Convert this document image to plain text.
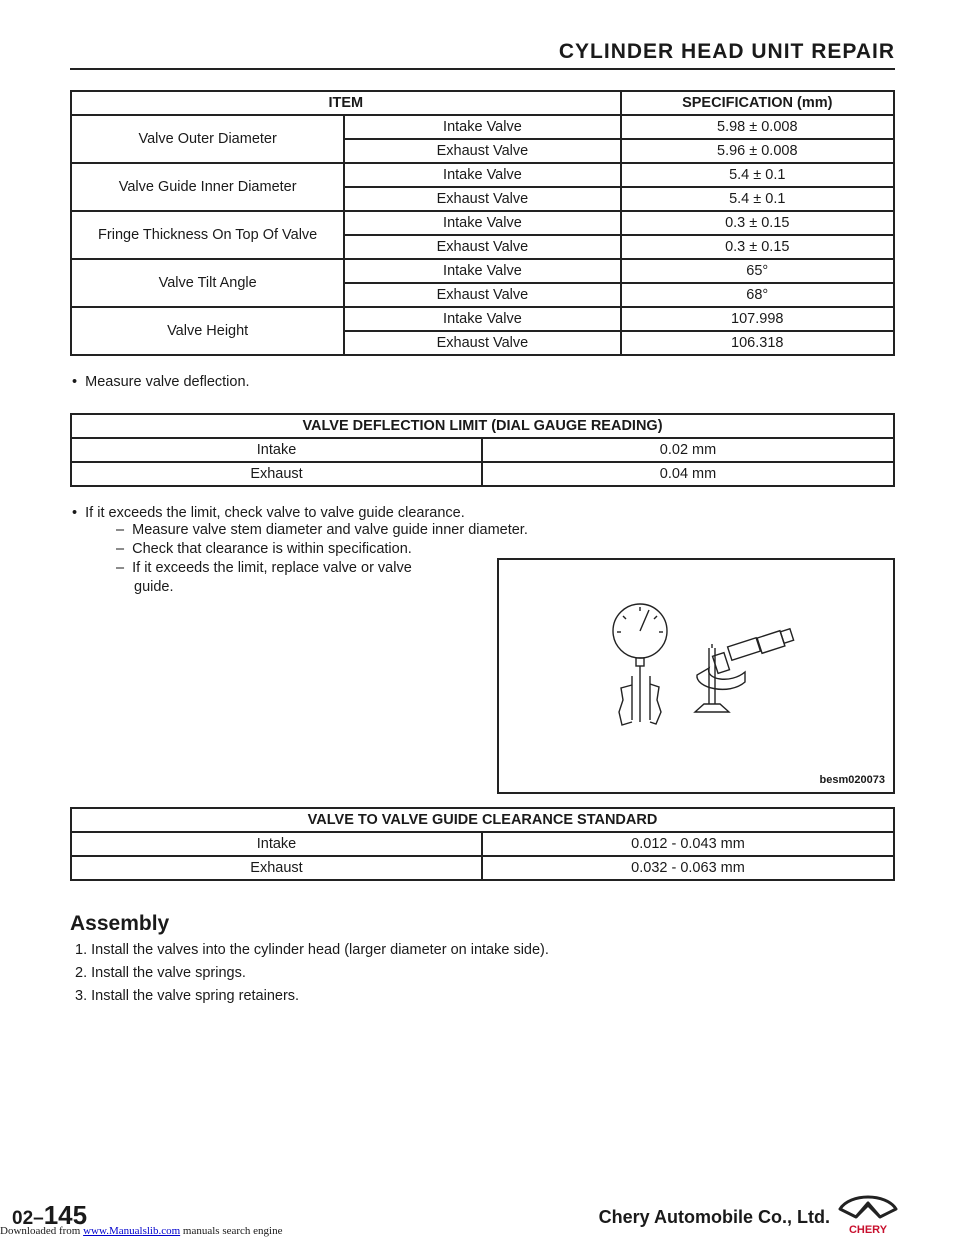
CYLINDER HEAD UNIT REPAIR
ITEM		SPECIFICATION (mm)
Valve Outer Diameter	Intake Valve	5.98 ± 0.008
	Exhaust Valve	5.96 ± 0.008
Valve Guide Inner Diameter	Intake Valve	5.4 ± 0.1
	Exhaust Valve	5.4 ± 0.1
Fringe Thickness On Top Of Valve	Intake Valve	0.3 ± 0.15
	Exhaust Valve	0.3 ± 0.15
Valve Tilt Angle	Intake Valve	65°
	Exhaust Valve	68°
Valve Height	Intake Valve	107.998
	Exhaust Valve	106.318
• Measure valve deflection.
VALVE DEFLECTION LIMIT (DIAL GAUGE READING)	
Intake	0.02 mm
Exhaust	0.04 mm
• If it exceeds the limit, check valve to valve guide clearance.
–  Measure valve stem diameter and valve guide inner diameter.
–  Check that clearance is within specification.
–  If it exceeds the limit, replace valve or valve
guide.
besm020073
VALVE TO VALVE GUIDE CLEARANCE STANDARD	
Intake	0.012 - 0.043 mm
Exhaust	0.032 - 0.063 mm
Assembly
1. Install the valves into the cylinder head (larger diameter on intake side).
2. Install the valve springs.
3. Install the valve spring retainers.
02–145	Chery Automobile Co., Ltd.
CHERY
Downloaded from www.Manualslib.com manuals search engine
